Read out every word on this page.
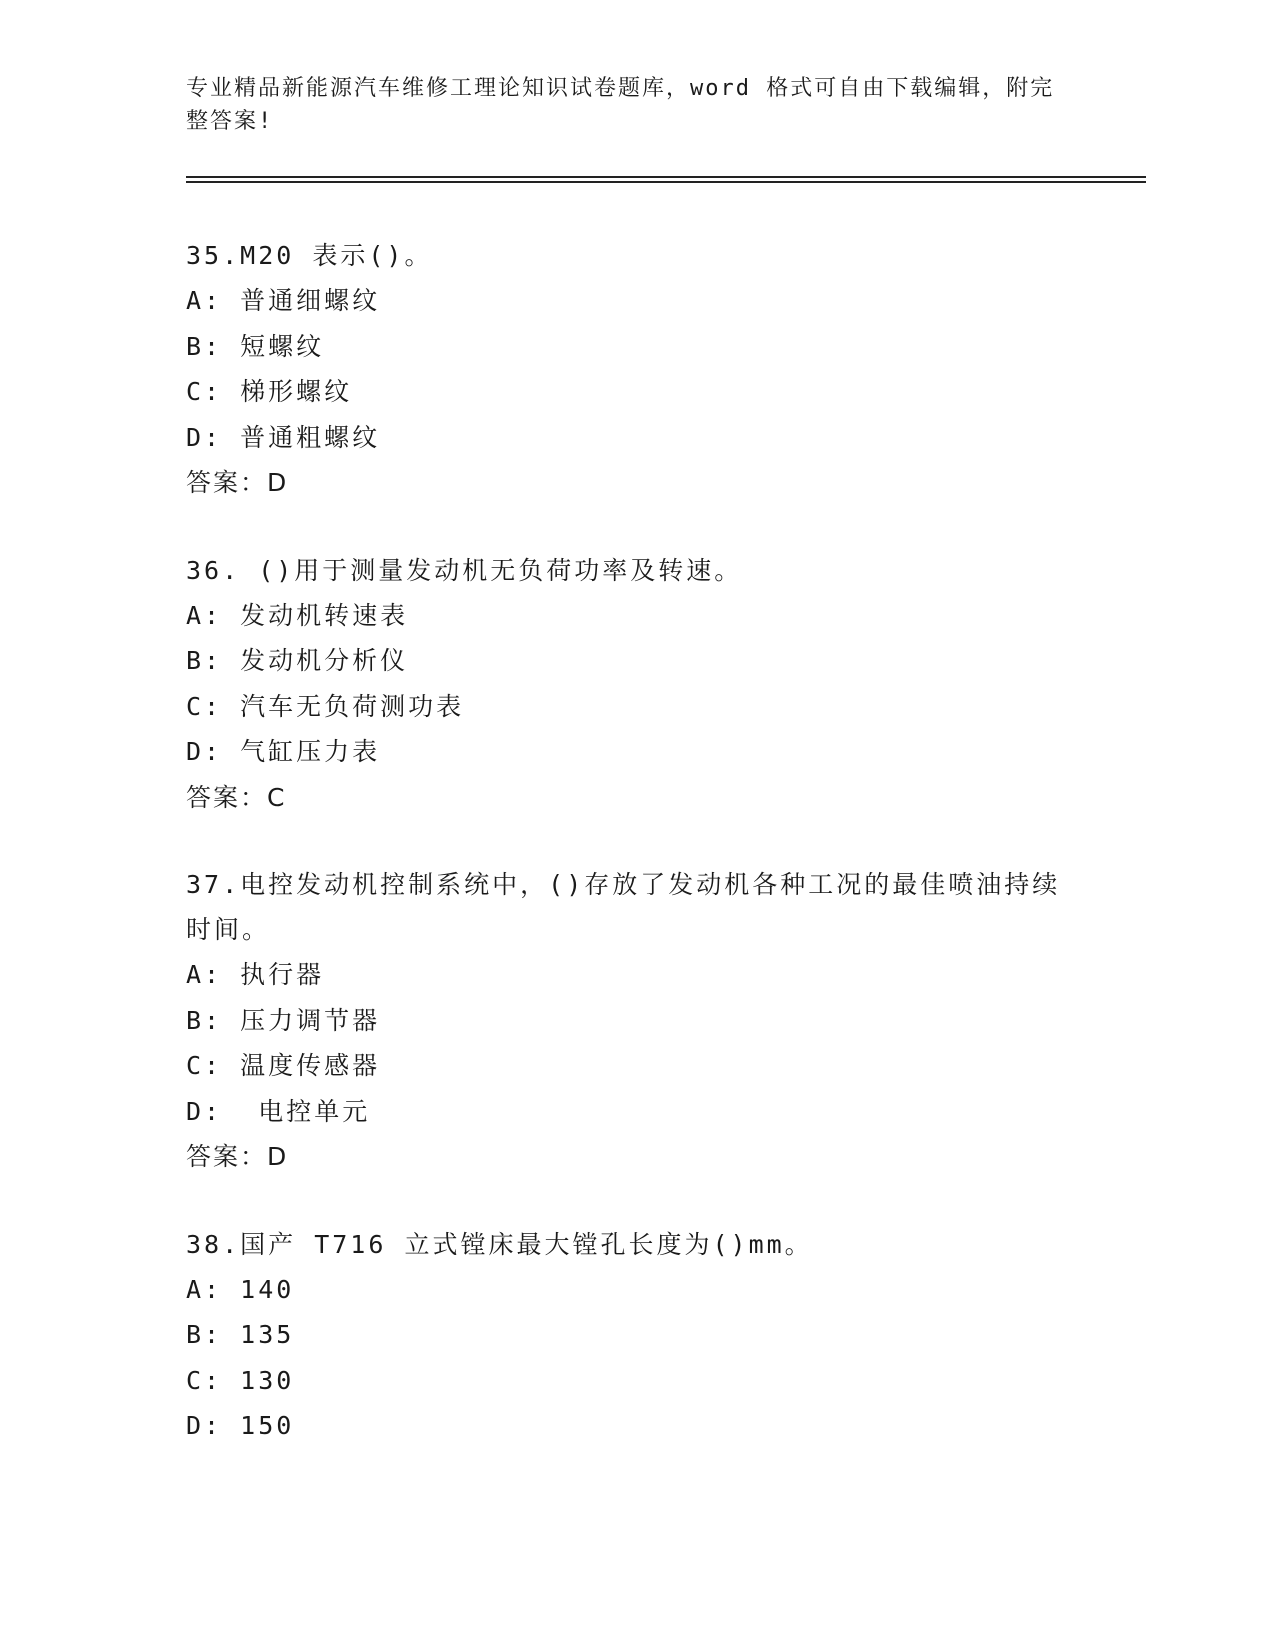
专业精品新能源汽车维修工理论知识试卷题库，word 格式可自由下载编辑，附完整答案!
35.M20 表示()。
A: 普通细螺纹
B: 短螺纹
C: 梯形螺纹
D: 普通粗螺纹
答案：D
36. ()用于测量发动机无负荷功率及转速。
A: 发动机转速表
B: 发动机分析仪
C: 汽车无负荷测功表
D: 气缸压力表
答案：C
37.电控发动机控制系统中，()存放了发动机各种工况的最佳喷油持续时间。
A: 执行器
B: 压力调节器
C: 温度传感器
D:  电控单元
答案：D
38.国产 T716 立式镗床最大镗孔长度为()mm。
A: 140
B: 135
C: 130
D: 150
